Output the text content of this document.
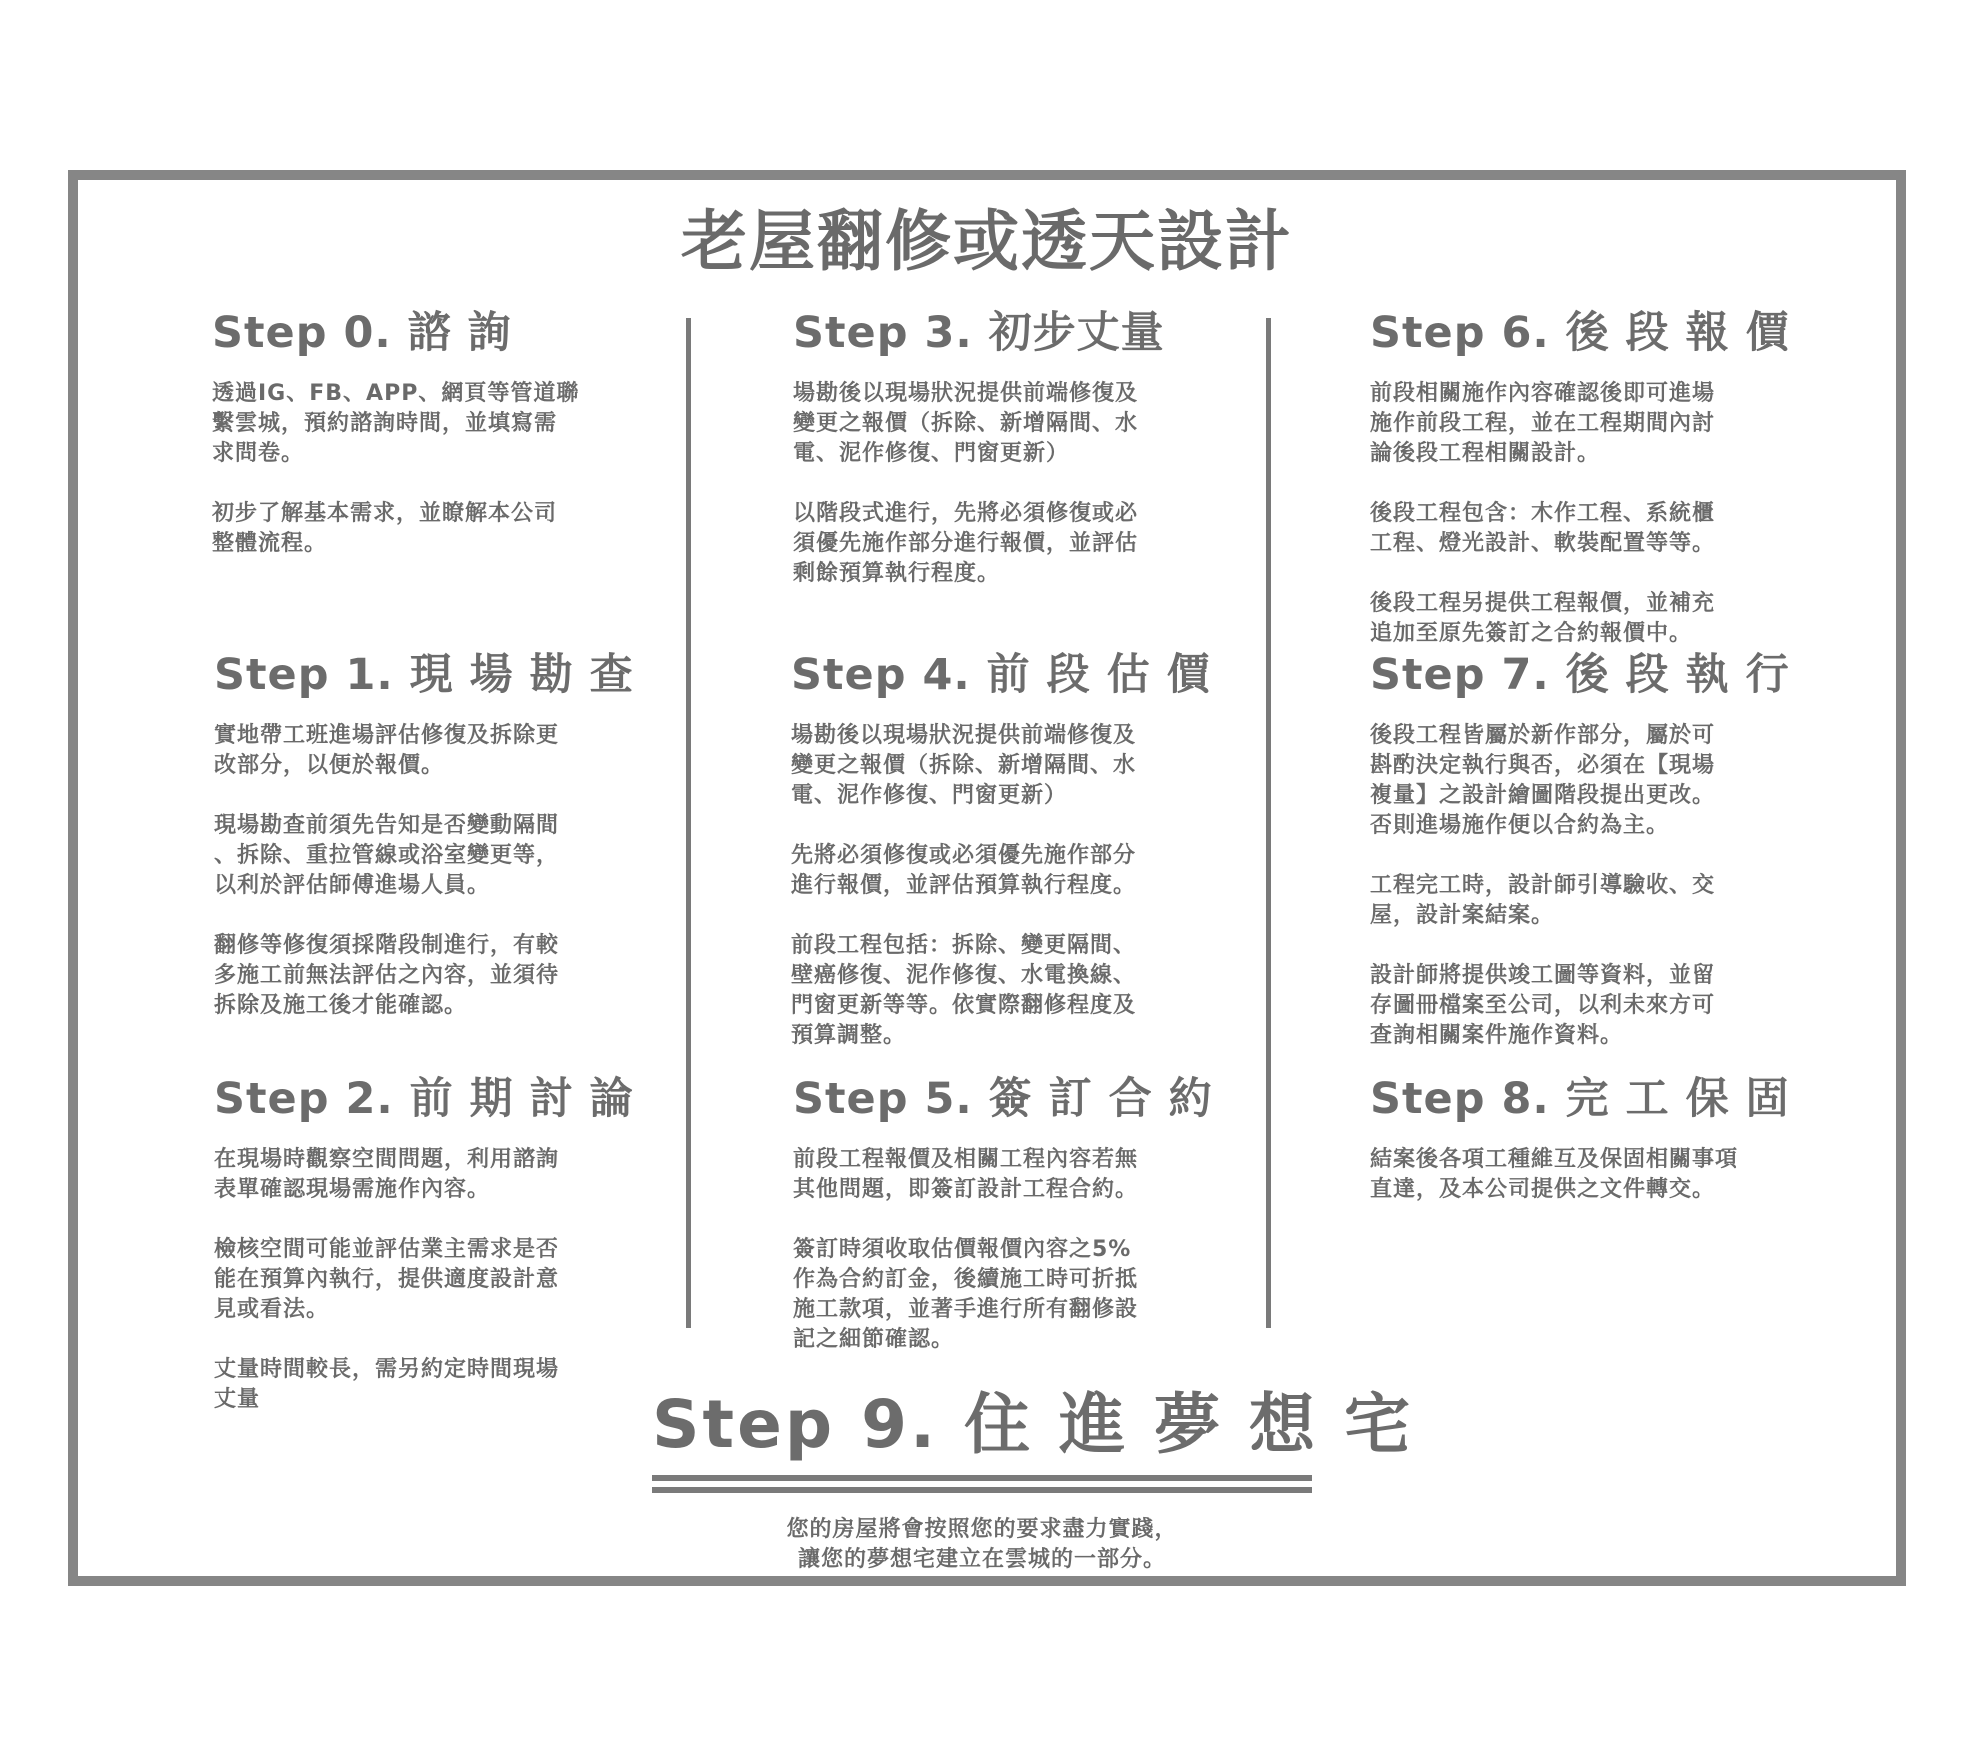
老屋翻修或透天設計
Step 0. 諮 詢

透過IG、FB、APP、網頁等管道聯
繫雲城，預約諮詢時間，並填寫需
求問卷。

初步了解基本需求，並瞭解本公司
整體流程。

Step 1. 現 場 勘 查

實地帶工班進場評估修復及拆除更
改部分，以便於報價。

現場勘查前須先告知是否變動隔間
、拆除、重拉管線或浴室變更等，
以利於評估師傅進場人員。

翻修等修復須採階段制進行，有較
多施工前無法評估之內容，並須待
拆除及施工後才能確認。

Step 2. 前 期 討 論

在現場時觀察空間問題，利用諮詢
表單確認現場需施作內容。

檢核空間可能並評估業主需求是否
能在預算內執行，提供適度設計意
見或看法。

丈量時間較長，需另約定時間現場
丈量

Step 3. 初步丈量

場勘後以現場狀況提供前端修復及
變更之報價（拆除、新增隔間、水
電、泥作修復、門窗更新）

以階段式進行，先將必須修復或必
須優先施作部分進行報價，並評估
剩餘預算執行程度。

Step 4. 前 段 估 價

場勘後以現場狀況提供前端修復及
變更之報價（拆除、新增隔間、水
電、泥作修復、門窗更新）

先將必須修復或必須優先施作部分
進行報價，並評估預算執行程度。

前段工程包括：拆除、變更隔間、
壁癌修復、泥作修復、水電換線、
門窗更新等等。依實際翻修程度及
預算調整。

Step 5. 簽 訂 合 約

前段工程報價及相關工程內容若無
其他問題，即簽訂設計工程合約。

簽訂時須收取估價報價內容之5%
作為合約訂金，後續施工時可折抵
施工款項，並著手進行所有翻修設
記之細節確認。

Step 6. 後 段 報 價

前段相關施作內容確認後即可進場
施作前段工程，並在工程期間內討
論後段工程相關設計。

後段工程包含：木作工程、系統櫃
工程、燈光設計、軟裝配置等等。

後段工程另提供工程報價，並補充
追加至原先簽訂之合約報價中。

Step 7. 後 段 執 行

後段工程皆屬於新作部分，屬於可
斟酌決定執行與否，必須在【現場
複量】之設計繪圖階段提出更改。
否則進場施作便以合約為主。

工程完工時，設計師引導驗收、交
屋，設計案結案。

設計師將提供竣工圖等資料，並留
存圖冊檔案至公司，以利未來方可
查詢相關案件施作資料。

Step 8. 完 工 保 固

結案後各項工種維互及保固相關事項
直達，及本公司提供之文件轉交。

Step 9. 住 進 夢 想 宅
您的房屋將會按照您的要求盡力實踐，
讓您的夢想宅建立在雲城的一部分。
